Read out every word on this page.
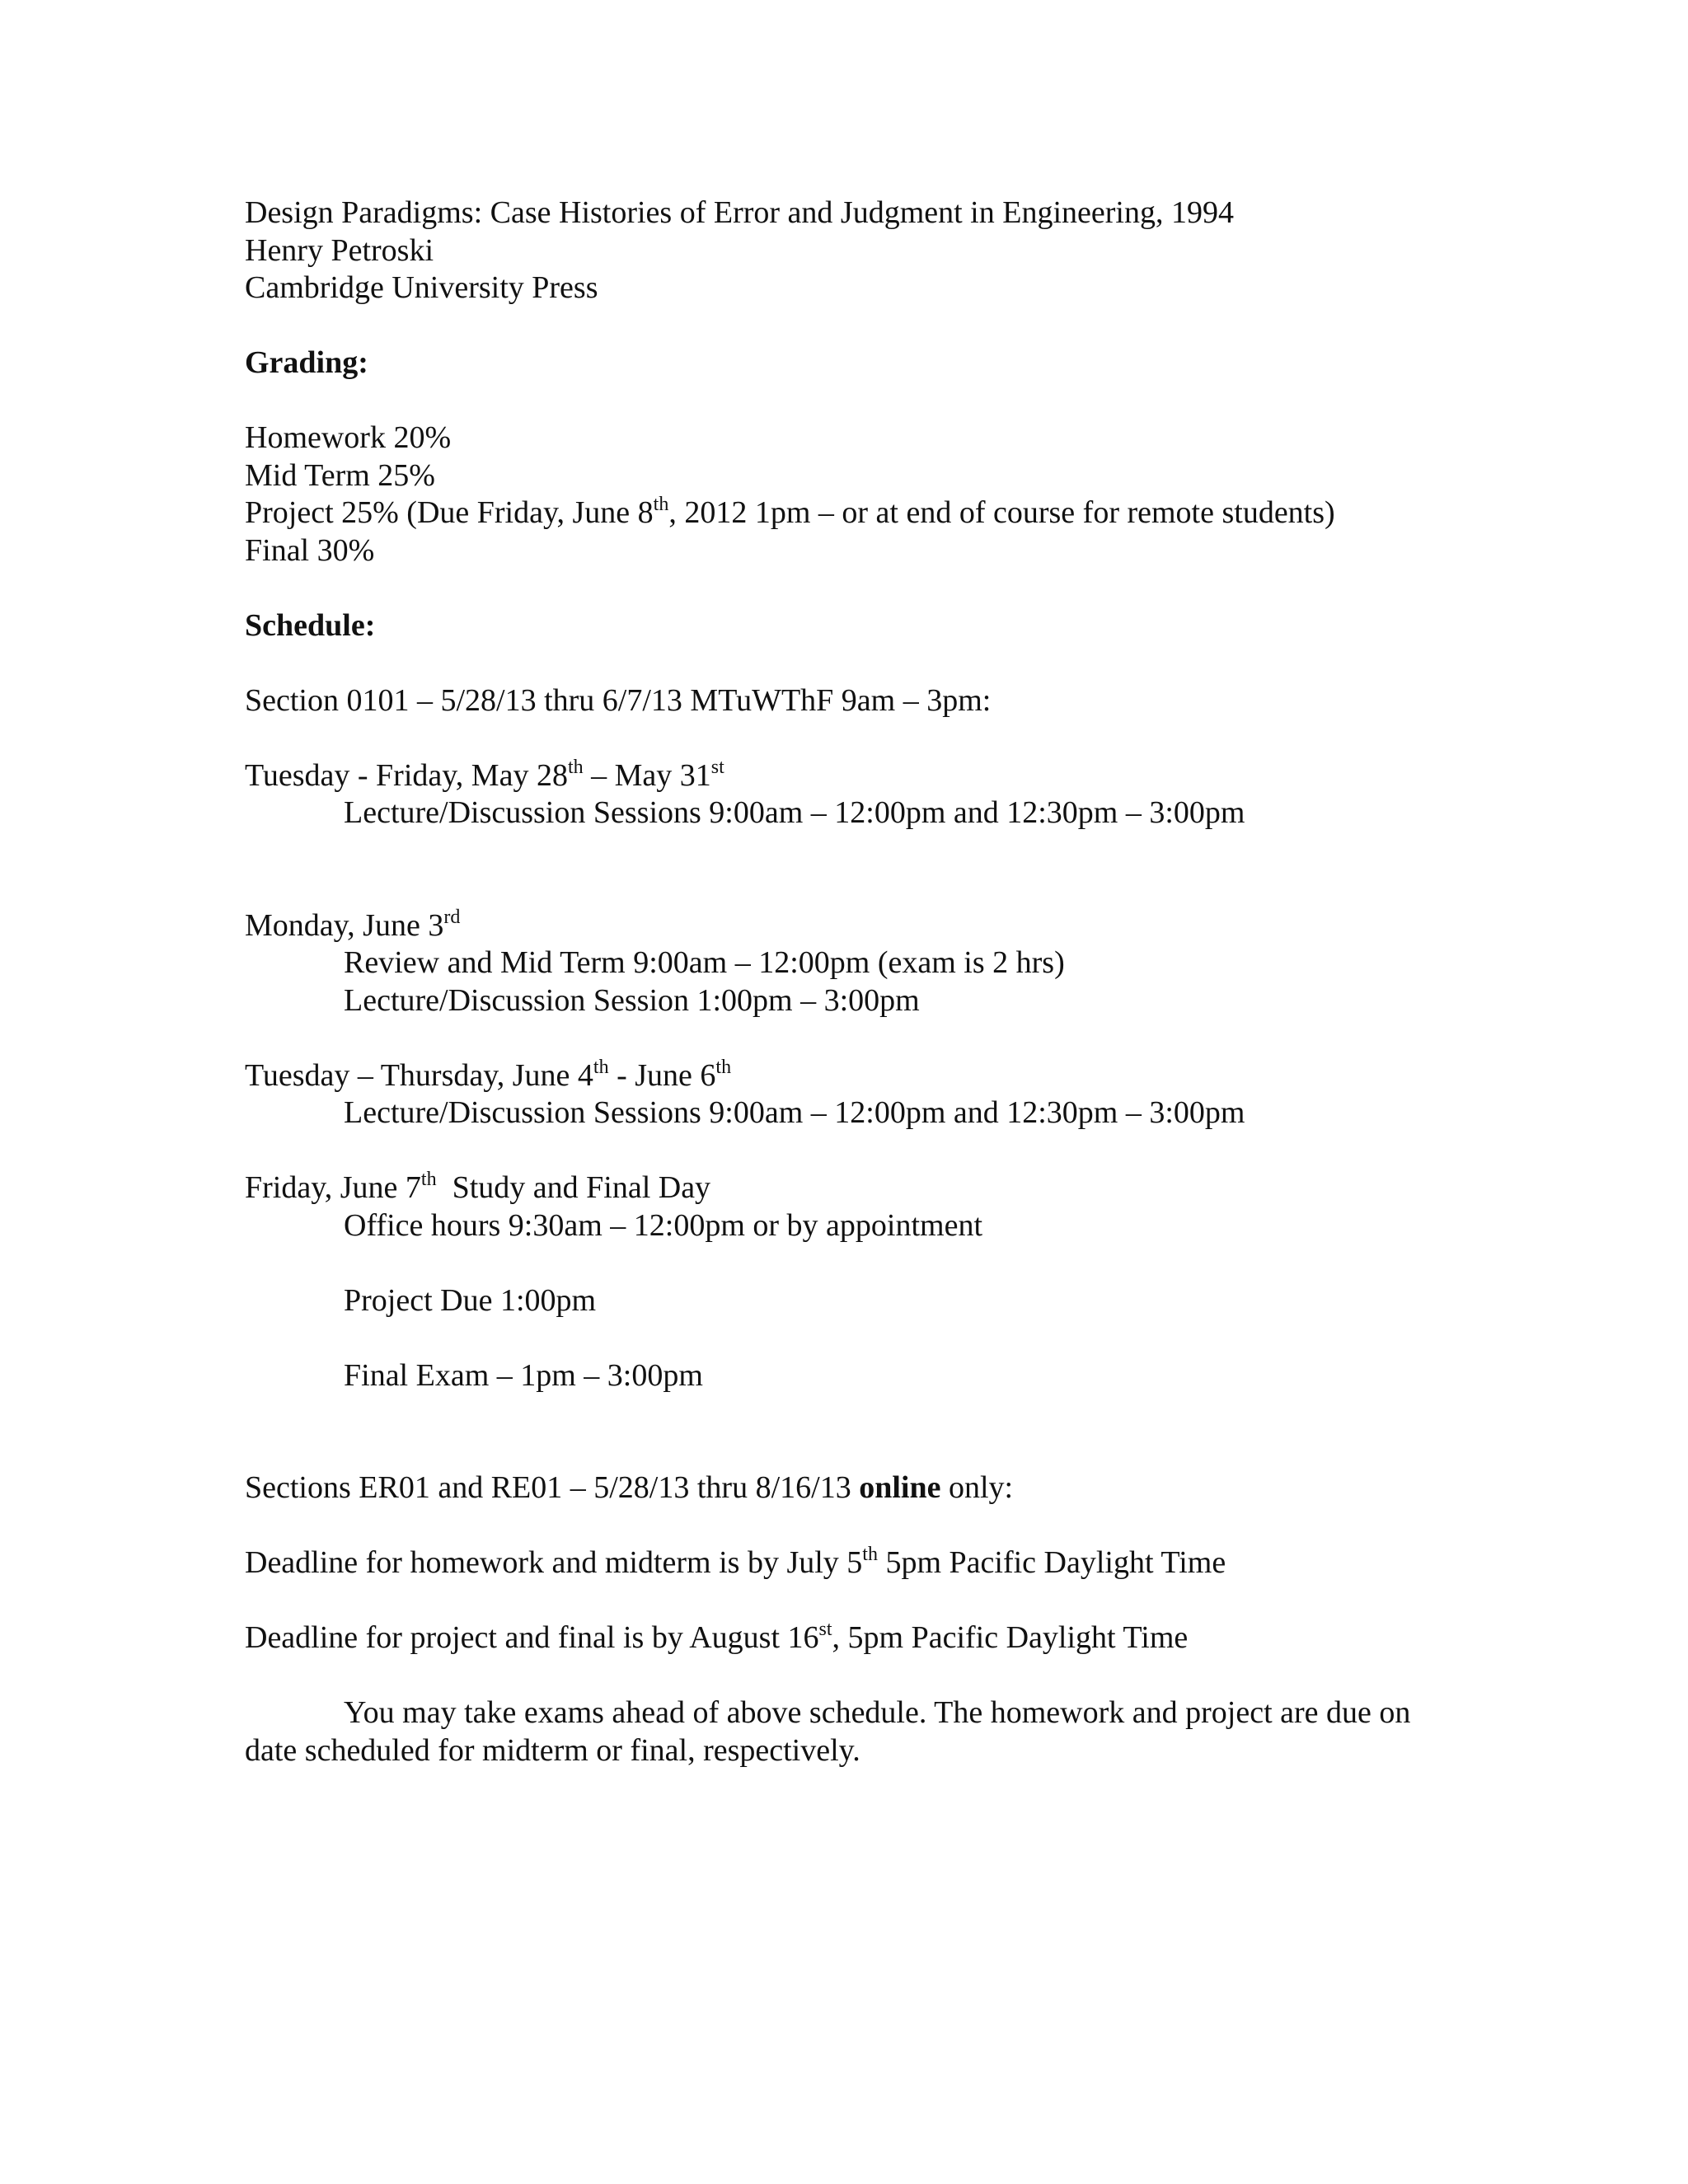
Design Paradigms: Case Histories of Error and Judgment in Engineering, 1994
Henry Petroski
Cambridge University Press
Grading:
Homework 20%
Mid Term 25%
Project 25% (Due Friday, June 8th, 2012 1pm – or at end of course for remote students)
Final 30%
Schedule:
Section 0101 – 5/28/13 thru 6/7/13 MTuWThF 9am – 3pm:
Tuesday - Friday, May 28th – May 31st
Lecture/Discussion Sessions 9:00am – 12:00pm and 12:30pm – 3:00pm
Monday, June 3rd
Review and Mid Term 9:00am – 12:00pm (exam is 2 hrs)
Lecture/Discussion Session 1:00pm – 3:00pm
Tuesday – Thursday, June 4th - June 6th
Lecture/Discussion Sessions 9:00am – 12:00pm and 12:30pm – 3:00pm
Friday, June 7th  Study and Final Day
Office hours 9:30am – 12:00pm or by appointment
Project Due 1:00pm
Final Exam – 1pm – 3:00pm
Sections ER01 and RE01 – 5/28/13 thru 8/16/13 online only:
Deadline for homework and midterm is by July 5th 5pm Pacific Daylight Time
Deadline for project and final is by August 16st, 5pm Pacific Daylight Time
You may take exams ahead of above schedule. The homework and project are due on date scheduled for midterm or final, respectively.
